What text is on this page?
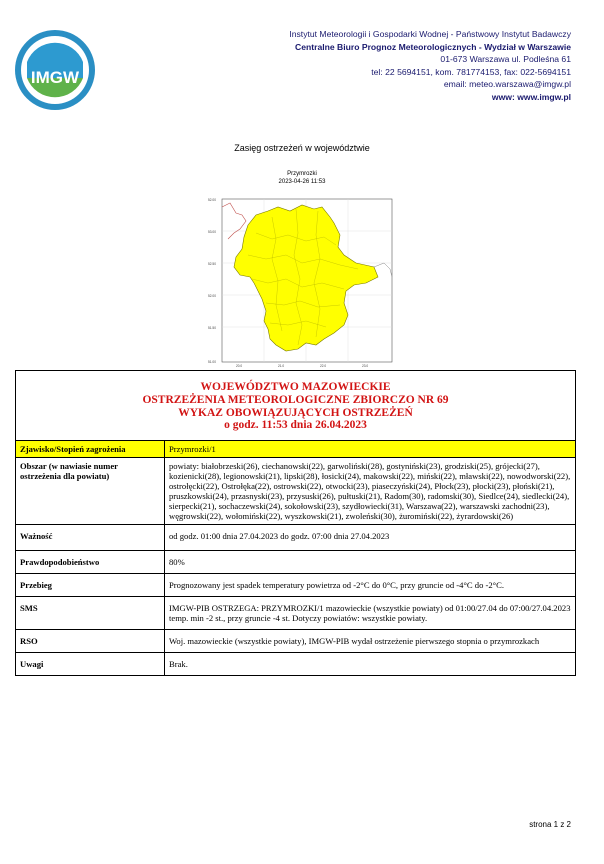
IMGW
Instytut Meteorologii i Gospodarki Wodnej - Państwowy Instytut Badawczy
Centralne Biuro Prognoz Meteorologicznych - Wydział w Warszawie
01-673 Warszawa ul. Podleśna 61
tel: 22 5694151, kom. 781774153, fax: 022-5694151
email: meteo.warszawa@imgw.pl
www: www.imgw.pl
Zasięg ostrzeżeń w województwie
Przymrozki
2023-04-26 11:53
52.00
53.00
52.50
52.00
51.50
51.00
20.0	21.0	22.0	23.0
WOJEWÓDZTWO MAZOWIECKIE
OSTRZEŻENIA METEOROLOGICZNE ZBIORCZO NR 69
WYKAZ OBOWIĄZUJĄCYCH OSTRZEŻEŃ
o godz. 11:53 dnia 26.04.2023	

Zjawisko/Stopień zagrożenia	Przymrozki/1
Obszar (w nawiasie numer ostrzeżenia dla powiatu)	powiaty: białobrzeski(26), ciechanowski(22), garwoliński(28), gostyniński(23), grodziski(25), grójecki(27), kozienicki(28), legionowski(21), lipski(28), łosicki(24), makowski(22), miński(22), mławski(22), nowodworski(22), ostrołęcki(22), Ostrołęka(22), ostrowski(22), otwocki(23), piaseczyński(24), Płock(23), płocki(23), płoński(21), pruszkowski(24), przasnyski(23), przysuski(26), pułtuski(21), Radom(30), radomski(30), Siedlce(24), siedlecki(24), sierpecki(21), sochaczewski(24), sokołowski(23), szydłowiecki(31), Warszawa(22), warszawski zachodni(23), węgrowski(22), wołomiński(22), wyszkowski(21), zwoleński(30), żuromiński(22), żyrardowski(26)
Ważność	od godz. 01:00 dnia 27.04.2023 do godz. 07:00 dnia 27.04.2023
Prawdopodobieństwo	80%
Przebieg	Prognozowany jest spadek temperatury powietrza od -2°C do 0°C, przy gruncie od -4°C do -2°C.
SMS	IMGW-PIB OSTRZEGA: PRZYMROZKI/1 mazowieckie (wszystkie powiaty) od 01:00/27.04 do 07:00/27.04.2023 temp. min -2 st., przy gruncie -4 st. Dotyczy powiatów: wszystkie powiaty.
RSO	Woj. mazowieckie (wszystkie powiaty), IMGW-PIB wydał ostrzeżenie pierwszego stopnia o przymrozkach
Uwagi	Brak.
strona 1 z 2
